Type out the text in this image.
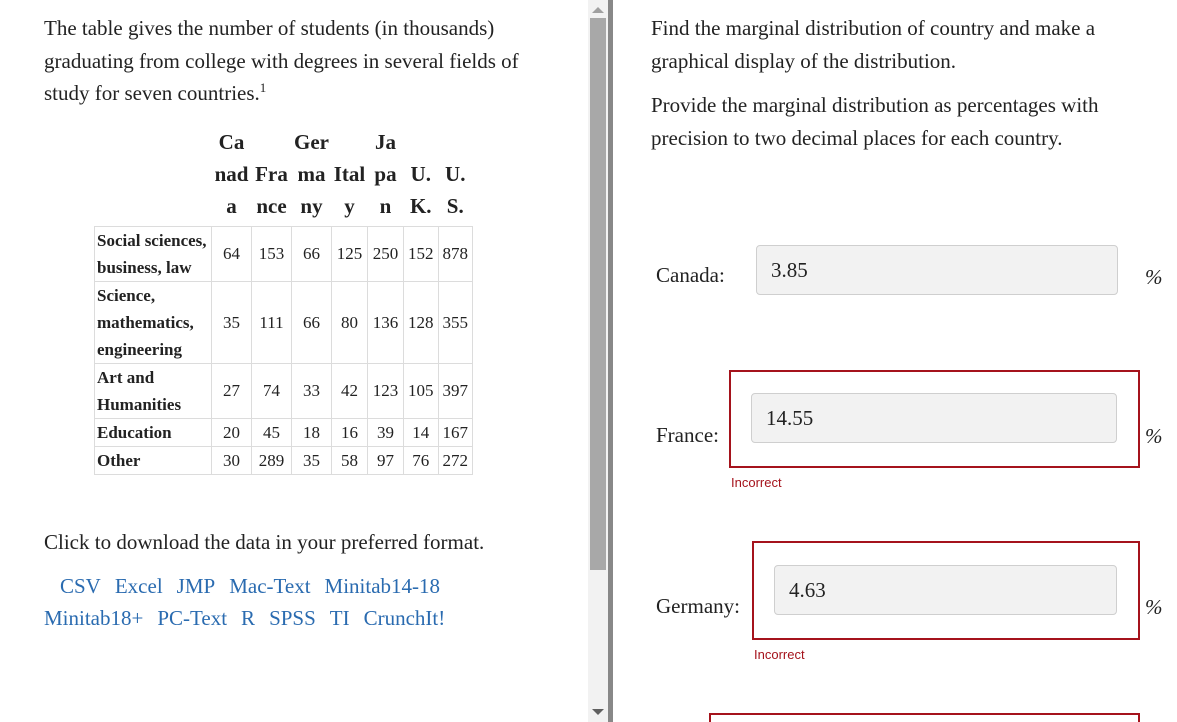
The table gives the number of students (in thousands) graduating from college with degrees in several fields of study for seven countries.$^1$

	Canada	France	Germany	Italy	Japan	U.K.	U.S.
Social sciences, business, law	64	153	66	125	250	152	878
Science, mathematics, engineering	35	111	66	80	136	128	355
Art and Humanities	27	74	33	42	123	105	397
Education	20	45	18	16	39	14	167
Other	30	289	35	58	97	76	272

Click to download the data in your preferred format.

CSV Excel JMP Mac-Text Minitab14-18
Minitab18+ PC-Text R SPSS TI CrunchIt!

Find the marginal distribution of country and make a graphical display of the distribution.

Provide the marginal distribution as percentages with precision to two decimal places for each country.

Canada:
3.85	%
France:
14.55	%
Incorrect
Germany:
4.63	%
Incorrect
